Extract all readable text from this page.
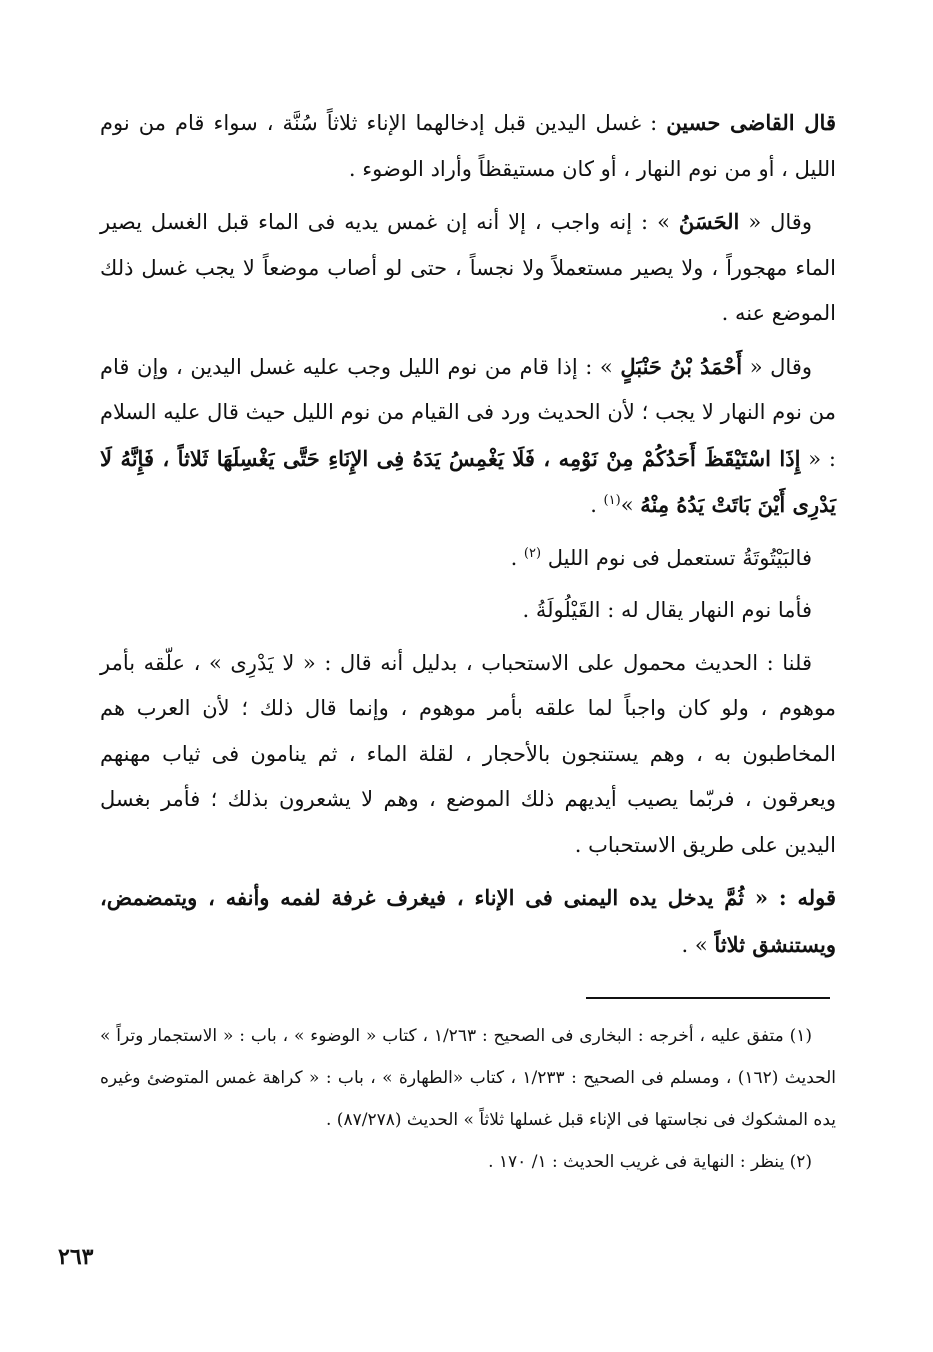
قال القاضى حسين : غسل اليدين قبل إدخالهما الإناء ثلاثاً سُنَّة ، سواء قام من نوم الليل ، أو من نوم النهار ، أو كان مستيقظاً وأراد الوضوء .

وقال « الحَسَنُ » : إنه واجب ، إلا أنه إن غمس يديه فى الماء قبل الغسل يصير الماء مهجوراً ، ولا يصير مستعملاً ولا نجساً ، حتى لو أصاب موضعاً لا يجب غسل ذلك الموضع عنه .

وقال « أَحْمَدُ بْنُ حَنْبَلٍ » : إذا قام من نوم الليل وجب عليه غسل اليدين ، وإن قام من نوم النهار لا يجب ؛ لأن الحديث ورد فى القيام من نوم الليل حيث قال عليه السلام : « إِذَا اسْتَيْقَظَ أَحَدُكُمْ مِنْ نَوْمِه ، فَلَا يَغْمِسُ يَدَهُ فِى الإِنَاءِ حَتَّى يَغْسِلَهَا ثَلاثاً ، فَإِنَّهُ لَا يَدْرِى أَيْنَ بَاتَتْ يَدُهُ مِنْهُ »$^{(١)}$ .

فالبَيْتُوتَةُ تستعمل فى نوم الليل $^{(٢)}$ .

فأما نوم النهار يقال له : القَيْلُولَةُ .

قلنا : الحديث محمول على الاستحباب ، بدليل أنه قال : « لا يَدْرِى » ، علّقه بأمر موهوم ، ولو كان واجباً لما علقه بأمر موهوم ، وإنما قال ذلك ؛ لأن العرب هم المخاطبون به ، وهم يستنجون بالأحجار ، لقلة الماء ، ثم ينامون فى ثياب مهنهم ويعرقون ، فربّما يصيب أيديهم ذلك الموضع ، وهم لا يشعرون بذلك ؛ فأمر بغسل اليدين على طريق الاستحباب .

قوله : « ثُمَّ يدخل يده اليمنى فى الإناء ، فيغرف غرفة لفمه وأنفه ، ويتمضمض، ويستنشق ثلاثاً » .

(١) متفق عليه ، أخرجه : البخارى فى الصحيح : ١/٢٦٣ ، كتاب « الوضوء » ، باب : « الاستجمار وتراً » الحديث (١٦٢) ، ومسلم فى الصحيح : ١/٢٣٣ ، كتاب «الطهارة » ، باب : « كراهة غمس المتوضئ وغيره يده المشكوك فى نجاستها فى الإناء قبل غسلها ثلاثاً » الحديث (٨٧/٢٧٨) .

(٢) ينظر : النهاية فى غريب الحديث : ١/ ١٧٠ .

٢٦٣
